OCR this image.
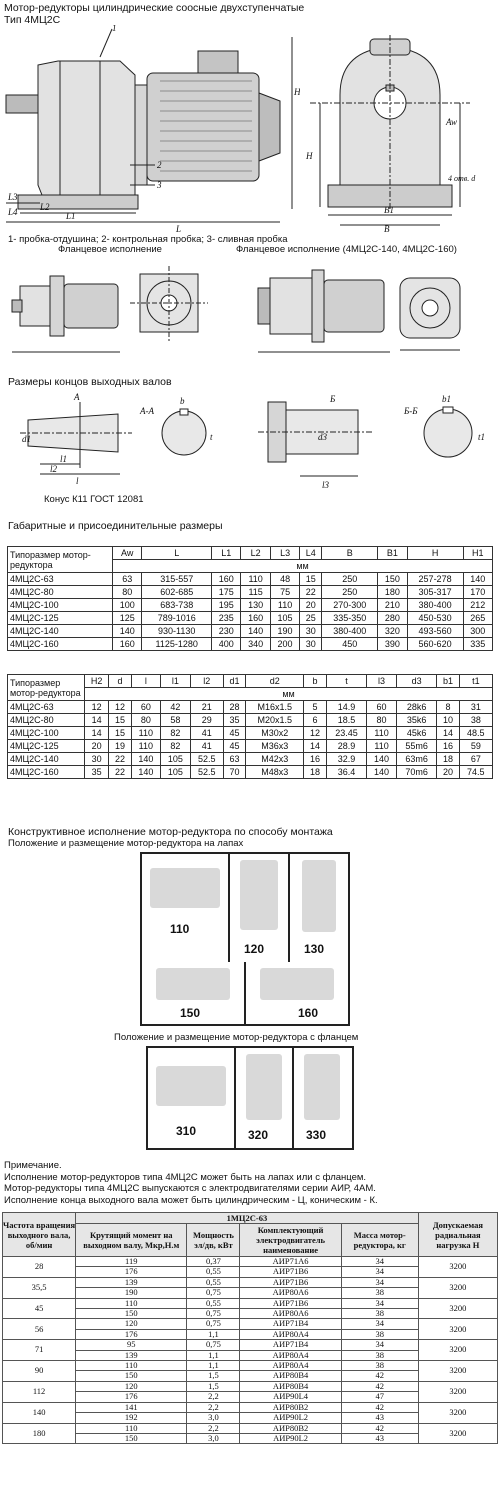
Мотор-редукторы цилиндрические соосные двухступенчатые
Тип 4МЦ2С
1
2
3
L
L1
L2
L3
L4
H
B
B1
Aw
4 отв. d
H
1- пробка-отдушина; 2- контрольная пробка; 3- сливная пробка
Фланцевое исполнение	Фланцевое исполнение (4МЦ2С-140, 4МЦ2С-160)
Размеры концов выходных валов
А
А-А
Б
Б-Б
d1
l1
l2
l
b
t	d3
l3
b1
t1
Конус К11 ГОСТ 12081
Габаритные и присоединительные размеры
Типоразмер мотор-редуктора	Aw	L	L1	L2	L3	L4	B	B1	H	H1
	мм									
4МЦ2С-63	63	315-557	160	110	48	15	250	150	257-278	140
4МЦ2С-80	80	602-685	175	115	75	22	250	180	305-317	170
4МЦ2С-100	100	683-738	195	130	110	20	270-300	210	380-400	212
4МЦ2С-125	125	789-1016	235	160	105	25	335-350	280	450-530	265
4МЦ2С-140	140	930-1130	230	140	190	30	380-400	320	493-560	300
4МЦ2С-160	160	1125-1280	400	340	200	30	450	390	560-620	335
Типоразмер мотор-редуктора	H2	d	l	l1	l2	d1	d2	b	t	l3	d3	b1	t1
	мм												
4МЦ2С-63	12	12	60	42	21	28	M16x1.5	5	14.9	60	28k6	8	31
4МЦ2С-80	14	15	80	58	29	35	M20x1.5	6	18.5	80	35k6	10	38
4МЦ2С-100	14	15	110	82	41	45	M30x2	12	23.45	110	45k6	14	48.5
4МЦ2С-125	20	19	110	82	41	45	M36x3	14	28.9	110	55m6	16	59
4МЦ2С-140	30	22	140	105	52.5	63	M42x3	16	32.9	140	63m6	18	67
4МЦ2С-160	35	22	140	105	52.5	70	M48x3	18	36.4	140	70m6	20	74.5
Конструктивное исполнение мотор-редуктора по способу монтажа
Положение и размещение мотор-редуктора на лапах
110
120	130
150	160
Положение и размещение мотор-редуктора с фланцем
310	320	330
Примечание.
Исполнение мотор-редукторов типа 4МЦ2С может быть на лапах или с фланцем.
Мотор-редукторы типа 4МЦ2С выпускаются с электродвигателями серии АИР, 4АМ.
Исполнение конца выходного вала может быть цилиндрическим - Ц, коническим - К.
Частота вращения выходного вала, об/мин	1МЦ2С-63				Допускаемая радиальная нагрузка Н
	Крутящий момент на выходном валу, Мкр,Н.м	Мощность эл/дв, кВт	Комплектующий электродвигатель наименование	Масса мотор-редуктора, кг	
28	119	0,37	АИР71А6	34	3200
	176	0,55	АИР71В6	34	
35,5	139	0,55	АИР71В6	34	3200
	190	0,75	АИР80А6	38	
45	110	0,55	АИР71В6	34	3200
	150	0,75	АИР80А6	38	
56	120	0,75	АИР71В4	34	3200
	176	1,1	АИР80А4	38	
71	95	0,75	АИР71В4	34	3200
	139	1,1	АИР80А4	38	
90	110	1,1	АИР80А4	38	3200
	150	1,5	АИР80В4	42	
112	120	1,5	АИР80В4	42	3200
	176	2,2	АИР90L4	47	
140	141	2,2	АИР80В2	42	3200
	192	3,0	АИР90L2	43	
180	110	2,2	АИР80В2	42	3200
	150	3,0	АИР90L2	43	
